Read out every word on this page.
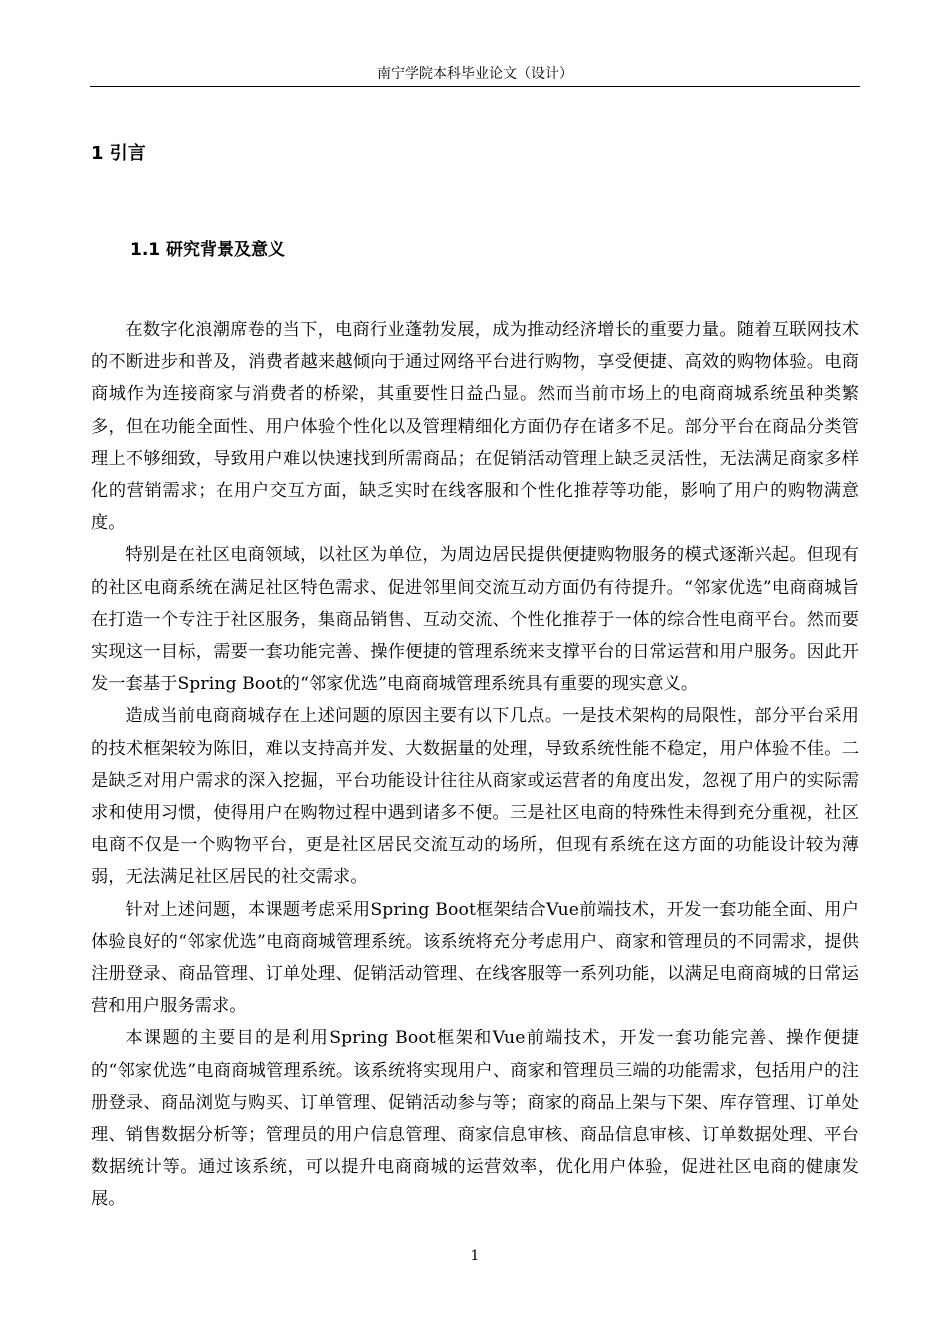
南宁学院本科毕业论文（设计）
1 引言
1.1 研究背景及意义

在数字化浪潮席卷的当下，电商行业蓬勃发展，成为推动经济增长的重要力量。随着互联网技术的不断进步和普及，消费者越来越倾向于通过网络平台进行购物，享受便捷、高效的购物体验。电商商城作为连接商家与消费者的桥梁，其重要性日益凸显。然而当前市场上的电商商城系统虽种类繁多，但在功能全面性、用户体验个性化以及管理精细化方面仍存在诸多不足。部分平台在商品分类管理上不够细致，导致用户难以快速找到所需商品；在促销活动管理上缺乏灵活性，无法满足商家多样化的营销需求；在用户交互方面，缺乏实时在线客服和个性化推荐等功能，影响了用户的购物满意度。

特别是在社区电商领域，以社区为单位，为周边居民提供便捷购物服务的模式逐渐兴起。但现有的社区电商系统在满足社区特色需求、促进邻里间交流互动方面仍有待提升。“邻家优选”电商商城旨在打造一个专注于社区服务，集商品销售、互动交流、个性化推荐于一体的综合性电商平台。然而要实现这一目标，需要一套功能完善、操作便捷的管理系统来支撑平台的日常运营和用户服务。因此开发一套基于Spring Boot的“邻家优选”电商商城管理系统具有重要的现实意义。

造成当前电商商城存在上述问题的原因主要有以下几点。一是技术架构的局限性，部分平台采用的技术框架较为陈旧，难以支持高并发、大数据量的处理，导致系统性能不稳定，用户体验不佳。二是缺乏对用户需求的深入挖掘，平台功能设计往往从商家或运营者的角度出发，忽视了用户的实际需求和使用习惯，使得用户在购物过程中遇到诸多不便。三是社区电商的特殊性未得到充分重视，社区电商不仅是一个购物平台，更是社区居民交流互动的场所，但现有系统在这方面的功能设计较为薄弱，无法满足社区居民的社交需求。

针对上述问题，本课题考虑采用Spring Boot框架结合Vue前端技术，开发一套功能全面、用户体验良好的“邻家优选”电商商城管理系统。该系统将充分考虑用户、商家和管理员的不同需求，提供注册登录、商品管理、订单处理、促销活动管理、在线客服等一系列功能，以满足电商商城的日常运营和用户服务需求。

本课题的主要目的是利用Spring Boot框架和Vue前端技术，开发一套功能完善、操作便捷的“邻家优选”电商商城管理系统。该系统将实现用户、商家和管理员三端的功能需求，包括用户的注册登录、商品浏览与购买、订单管理、促销活动参与等；商家的商品上架与下架、库存管理、订单处理、销售数据分析等；管理员的用户信息管理、商家信息审核、商品信息审核、订单数据处理、平台数据统计等。通过该系统，可以提升电商商城的运营效率，优化用户体验，促进社区电商的健康发展。

1
